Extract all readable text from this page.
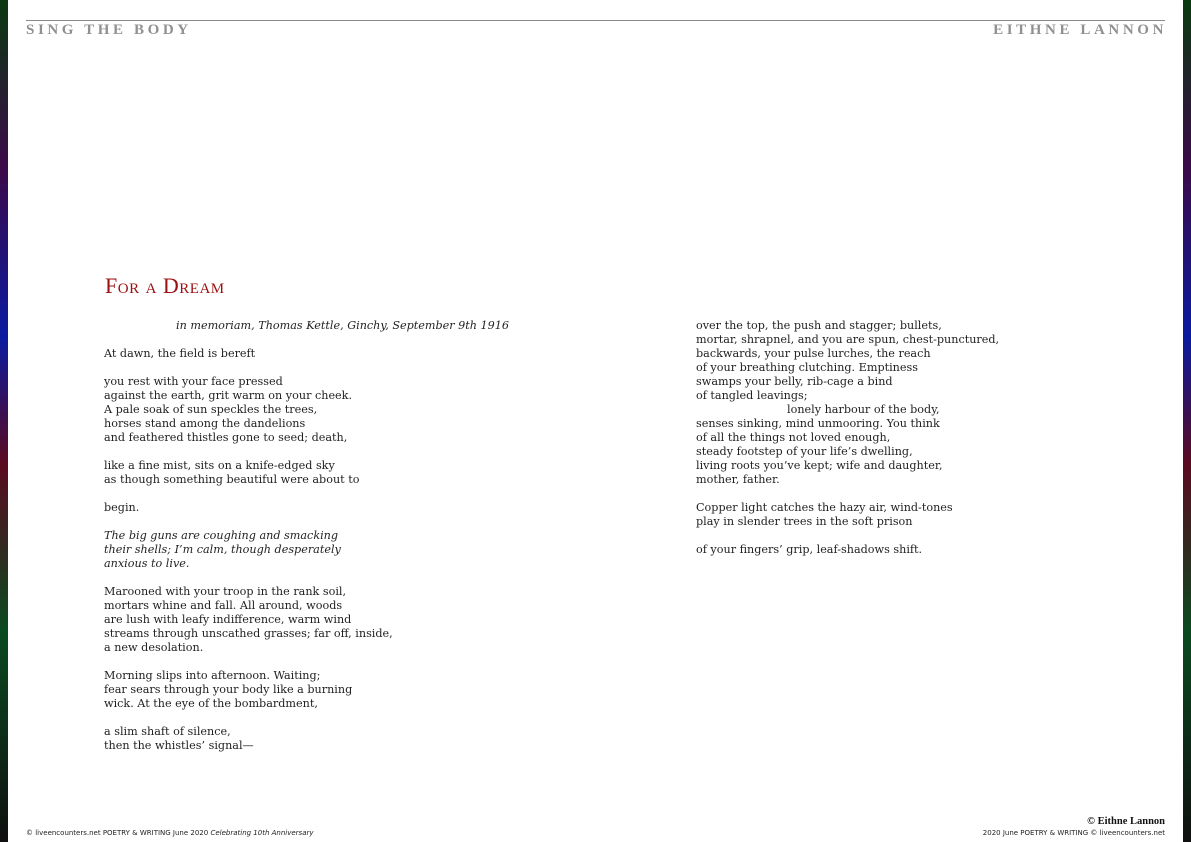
SING THE BODY	EITHNE LANNON
For a Dream
in memoriam, Thomas Kettle, Ginchy, September 9th 1916
At dawn, the field is bereft
you rest with your face pressed
against the earth, grit warm on your cheek.
A pale soak of sun speckles the trees,
horses stand among the dandelions
and feathered thistles gone to seed; death,
like a fine mist, sits on a knife-edged sky
as though something beautiful were about to
begin.
The big guns are coughing and smacking
their shells; I’m calm, though desperately
anxious to live.
Marooned with your troop in the rank soil,
mortars whine and fall. All around, woods
are lush with leafy indifference, warm wind
streams through unscathed grasses; far off, inside,
a new desolation.
Morning slips into afternoon. Waiting;
fear sears through your body like a burning
wick. At the eye of the bombardment,
a slim shaft of silence,
then the whistles’ signal—
over the top, the push and stagger; bullets,
mortar, shrapnel, and you are spun, chest-punctured,
backwards, your pulse lurches, the reach
of your breathing clutching. Emptiness
swamps your belly, rib-cage a bind
of tangled leavings;
lonely harbour of the body,
senses sinking, mind unmooring. You think
of all the things not loved enough,
steady footstep of your life’s dwelling,
living roots you’ve kept; wife and daughter,
mother, father.
Copper light catches the hazy air, wind-tones
play in slender trees in the soft prison
of your fingers’ grip, leaf-shadows shift.
© Eithne Lannon
© liveencounters.net POETRY & WRITING June 2020 Celebrating 10th Anniversary	2020 June POETRY & WRITING © liveencounters.net
